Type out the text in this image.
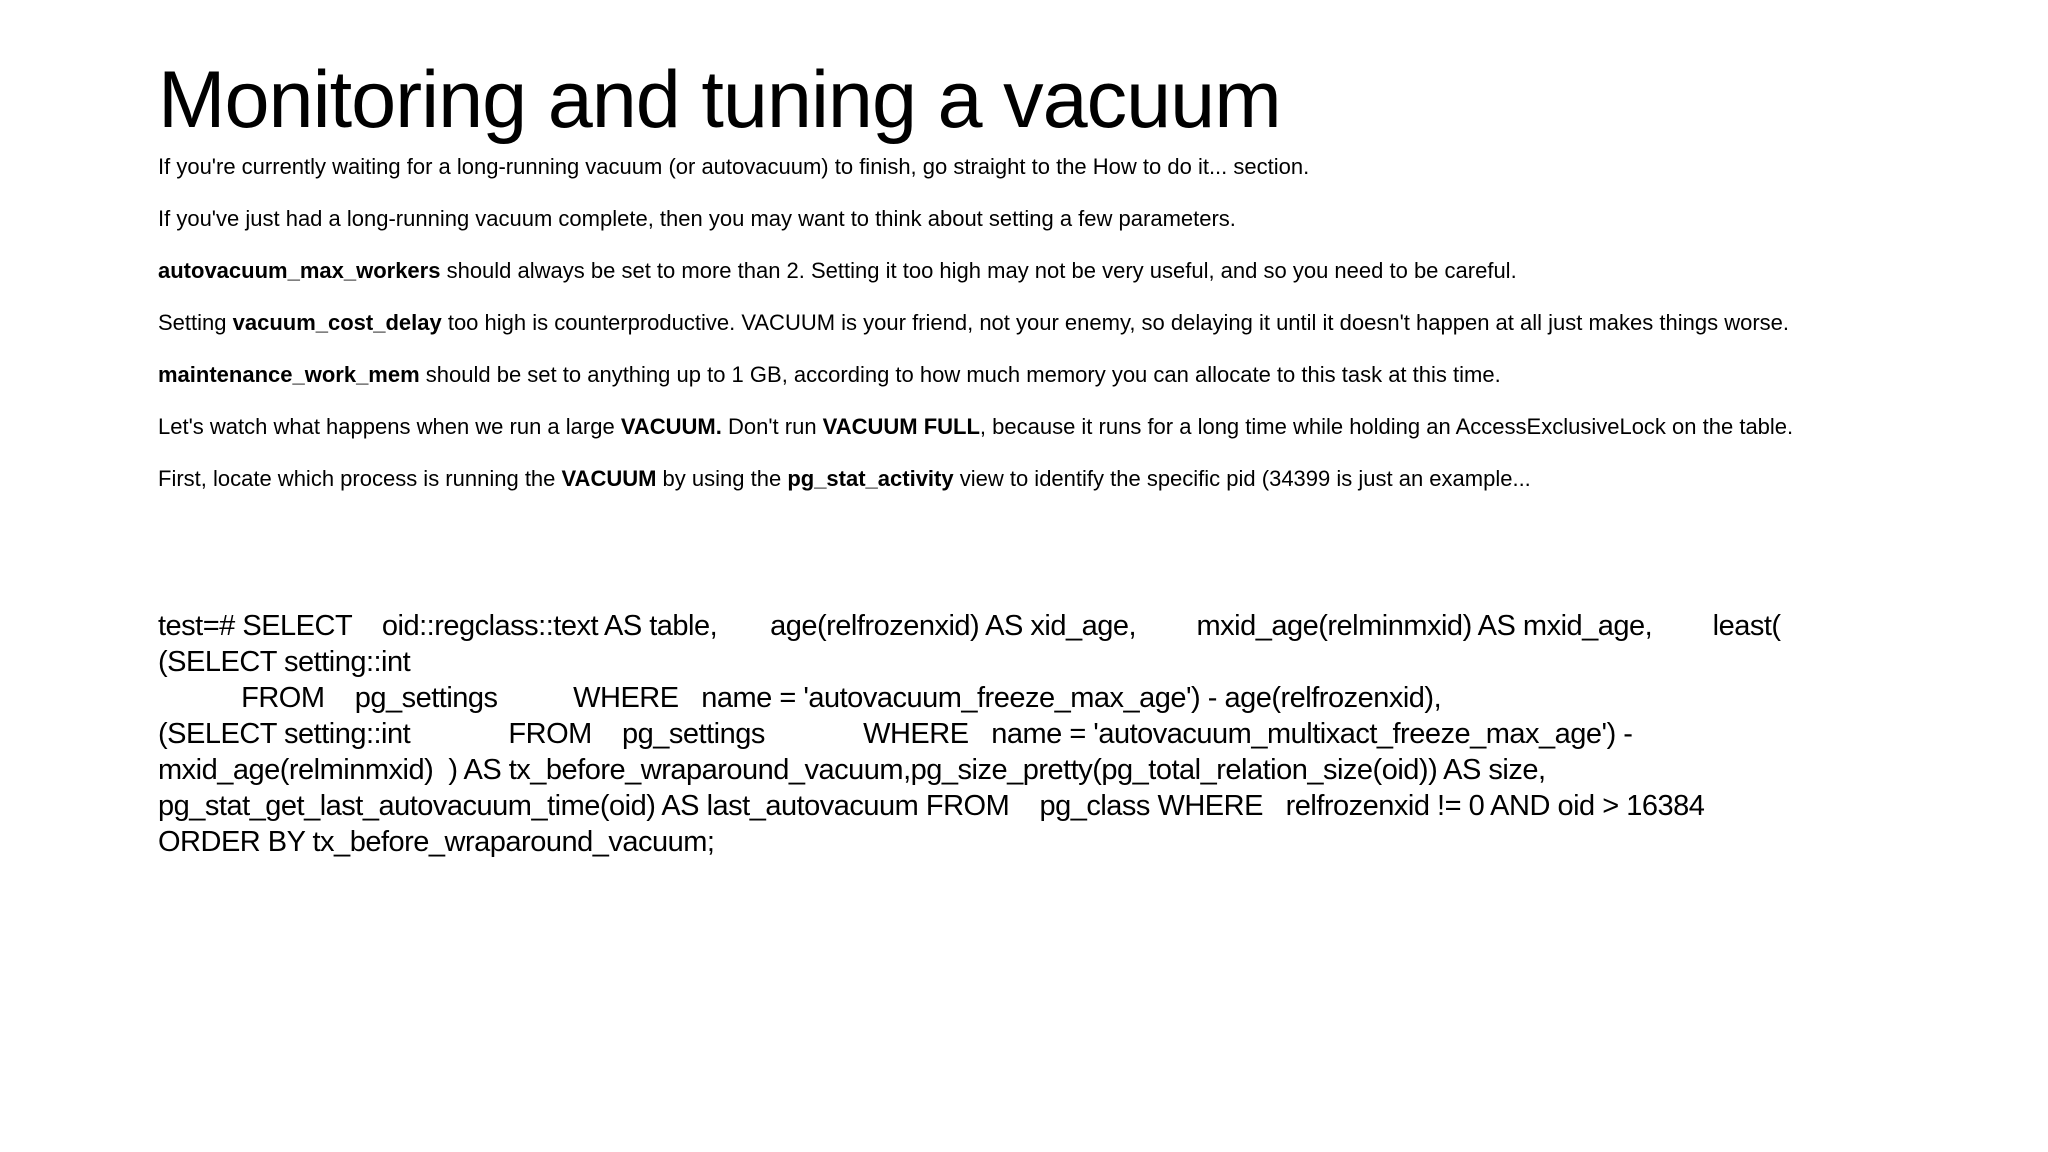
Monitoring and tuning a vacuum

If you're currently waiting for a long-running vacuum (or autovacuum) to finish, go straight to the How to do it... section.

If you've just had a long-running vacuum complete, then you may want to think about setting a few parameters.

autovacuum_max_workers should always be set to more than 2. Setting it too high may not be very useful, and so you need to be careful.

Setting vacuum_cost_delay too high is counterproductive. VACUUM is your friend, not your enemy, so delaying it until it doesn't happen at all just makes things worse.

maintenance_work_mem should be set to anything up to 1 GB, according to how much memory you can allocate to this task at this time.

Let's watch what happens when we run a large VACUUM. Don't run VACUUM FULL, because it runs for a long time while holding an AccessExclusiveLock on the table.

First, locate which process is running the VACUUM by using the pg_stat_activity view to identify the specific pid (34399 is just an example...

test=# SELECT    oid::regclass::text AS table,       age(relfrozenxid) AS xid_age,        mxid_age(relminmxid) AS mxid_age,        least(
(SELECT setting::int
FROM    pg_settings          WHERE   name = 'autovacuum_freeze_max_age') - age(relfrozenxid),
(SELECT setting::int             FROM    pg_settings             WHERE   name = 'autovacuum_multixact_freeze_max_age') -
mxid_age(relminmxid)  ) AS tx_before_wraparound_vacuum,pg_size_pretty(pg_total_relation_size(oid)) AS size,
pg_stat_get_last_autovacuum_time(oid) AS last_autovacuum FROM    pg_class WHERE   relfrozenxid != 0 AND oid > 16384
ORDER BY tx_before_wraparound_vacuum;
